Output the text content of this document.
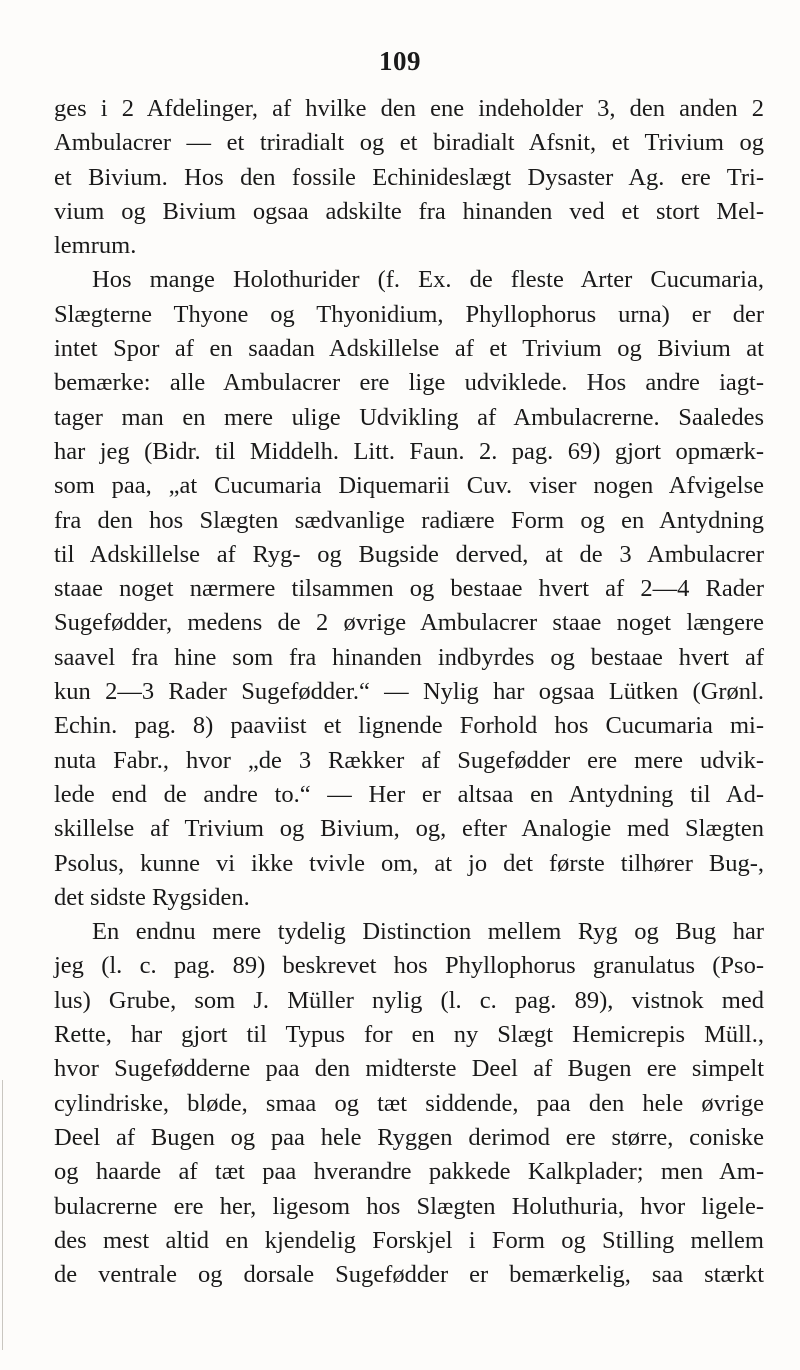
109
ges i 2 Afdelinger, af hvilke den ene indeholder 3, den anden 2
Ambulacrer — et triradialt og et biradialt Afsnit, et Trivium og
et Bivium. Hos den fossile Echinideslægt Dysaster Ag. ere Tri-
vium og Bivium ogsaa adskilte fra hinanden ved et stort Mel-
lemrum.
Hos mange Holothurider (f. Ex. de fleste Arter Cucumaria,
Slægterne Thyone og Thyonidium, Phyllophorus urna) er der
intet Spor af en saadan Adskillelse af et Trivium og Bivium at
bemærke: alle Ambulacrer ere lige udviklede. Hos andre iagt-
tager man en mere ulige Udvikling af Ambulacrerne. Saaledes
har jeg (Bidr. til Middelh. Litt. Faun. 2. pag. 69) gjort opmærk-
som paa, „at Cucumaria Diquemarii Cuv. viser nogen Afvigelse
fra den hos Slægten sædvanlige radiære Form og en Antydning
til Adskillelse af Ryg- og Bugside derved, at de 3 Ambulacrer
staae noget nærmere tilsammen og bestaae hvert af 2—4 Rader
Sugefødder, medens de 2 øvrige Ambulacrer staae noget længere
saavel fra hine som fra hinanden indbyrdes og bestaae hvert af
kun 2—3 Rader Sugefødder.“ — Nylig har ogsaa Lütken (Grønl.
Echin. pag. 8) paaviist et lignende Forhold hos Cucumaria mi-
nuta Fabr., hvor „de 3 Rækker af Sugefødder ere mere udvik-
lede end de andre to.“ — Her er altsaa en Antydning til Ad-
skillelse af Trivium og Bivium, og, efter Analogie med Slægten
Psolus, kunne vi ikke tvivle om, at jo det første tilhører Bug-,
det sidste Rygsiden.
En endnu mere tydelig Distinction mellem Ryg og Bug har
jeg (l. c. pag. 89) beskrevet hos Phyllophorus granulatus (Pso-
lus) Grube, som J. Müller nylig (l. c. pag. 89), vistnok med
Rette, har gjort til Typus for en ny Slægt Hemicrepis Müll.,
hvor Sugefødderne paa den midterste Deel af Bugen ere simpelt
cylindriske, bløde, smaa og tæt siddende, paa den hele øvrige
Deel af Bugen og paa hele Ryggen derimod ere større, coniske
og haarde af tæt paa hverandre pakkede Kalkplader; men Am-
bulacrerne ere her, ligesom hos Slægten Holuthuria, hvor ligele-
des mest altid en kjendelig Forskjel i Form og Stilling mellem
de ventrale og dorsale Sugefødder er bemærkelig, saa stærkt
